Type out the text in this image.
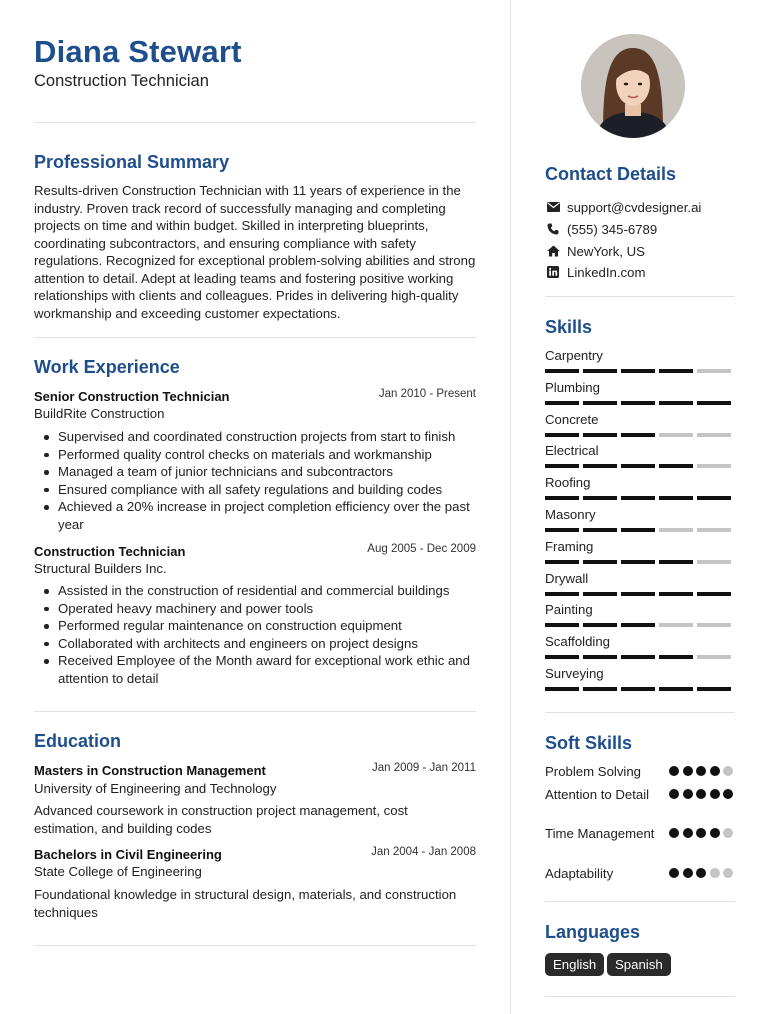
Diana Stewart
Construction Technician
Professional Summary
Results-driven Construction Technician with 11 years of experience in the industry. Proven track record of successfully managing and completing projects on time and within budget. Skilled in interpreting blueprints, coordinating subcontractors, and ensuring compliance with safety regulations. Recognized for exceptional problem-solving abilities and strong attention to detail. Adept at leading teams and fostering positive working relationships with clients and colleagues. Prides in delivering high-quality workmanship and exceeding customer expectations.
Work Experience
Senior Construction Technician	Jan 2010 - Present
BuildRite Construction
Supervised and coordinated construction projects from start to finish
Performed quality control checks on materials and workmanship
Managed a team of junior technicians and subcontractors
Ensured compliance with all safety regulations and building codes
Achieved a 20% increase in project completion efficiency over the past year
Construction Technician	Aug 2005 - Dec 2009
Structural Builders Inc.
Assisted in the construction of residential and commercial buildings
Operated heavy machinery and power tools
Performed regular maintenance on construction equipment
Collaborated with architects and engineers on project designs
Received Employee of the Month award for exceptional work ethic and attention to detail
Education
Masters in Construction Management	Jan 2009 - Jan 2011
University of Engineering and Technology
Advanced coursework in construction project management, cost estimation, and building codes
Bachelors in Civil Engineering	Jan 2004 - Jan 2008
State College of Engineering
Foundational knowledge in structural design, materials, and construction techniques
Contact Details
support@cvdesigner.ai
(555) 345-6789
NewYork, US
LinkedIn.com
Skills
Carpentry
Plumbing
Concrete
Electrical
Roofing
Masonry
Framing
Drywall
Painting
Scaffolding
Surveying
Soft Skills
Problem Solving
Attention to Detail
Time Management
Adaptability
Languages
English	Spanish
